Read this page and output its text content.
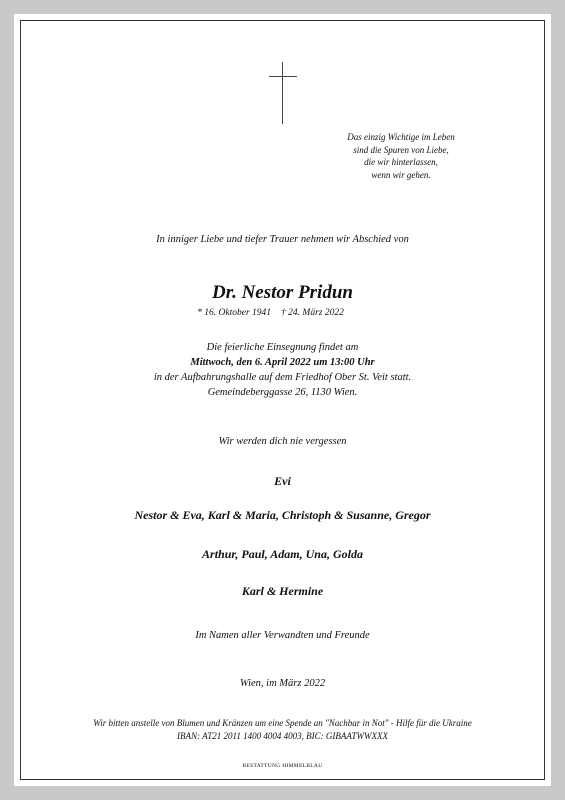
Das einzig Wichtige im Leben
sind die Spuren von Liebe,
die wir hinterlassen,
wenn wir gehen.
In inniger Liebe und tiefer Trauer nehmen wir Abschied von
Dr. Nestor Pridun
* 16. Oktober 1941 † 24. März 2022
Die feierliche Einsegnung findet am
Mittwoch, den 6. April 2022 um 13:00 Uhr
in der Aufbahrungshalle auf dem Friedhof Ober St. Veit statt.
Gemeindeberggasse 26, 1130 Wien.
Wir werden dich nie vergessen
Evi
Nestor & Eva, Karl & Maria, Christoph & Susanne, Gregor
Arthur, Paul, Adam, Una, Golda
Karl & Hermine
Im Namen aller Verwandten und Freunde
Wien, im März 2022
Wir bitten anstelle von Blumen und Kränzen um eine Spende an "Nachbar in Not" - Hilfe für die Ukraine
IBAN: AT21 2011 1400 4004 4003, BIC: GIBAATWWXXX
BESTATTUNG HIMMELBLAU
